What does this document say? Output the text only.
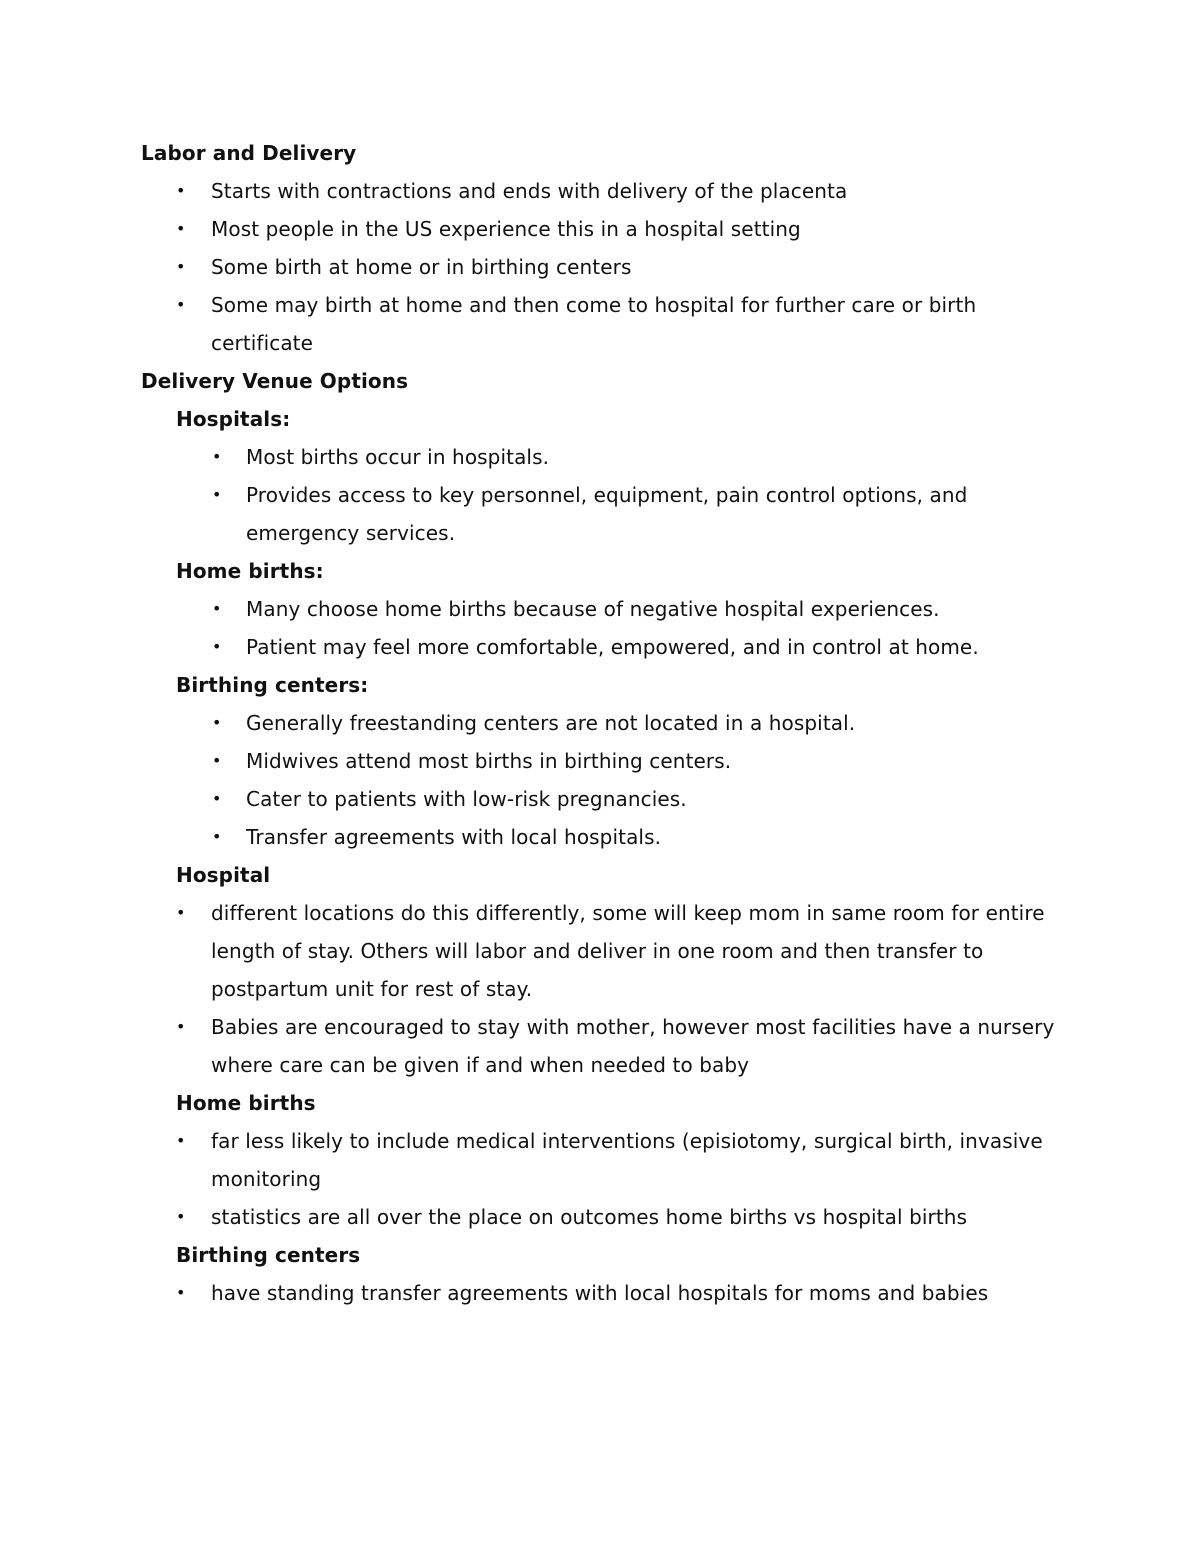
Labor and Delivery
• Starts with contractions and ends with delivery of the placenta
• Most people in the US experience this in a hospital setting
• Some birth at home or in birthing centers
• Some may birth at home and then come to hospital for further care or birth certificate
Delivery Venue Options
Hospitals:
• Most births occur in hospitals.
• Provides access to key personnel, equipment, pain control options, and emergency services.
Home births:
• Many choose home births because of negative hospital experiences.
• Patient may feel more comfortable, empowered, and in control at home.
Birthing centers:
• Generally freestanding centers are not located in a hospital.
• Midwives attend most births in birthing centers.
• Cater to patients with low-risk pregnancies.
• Transfer agreements with local hospitals.
Hospital
• different locations do this differently, some will keep mom in same room for entire length of stay. Others will labor and deliver in one room and then transfer to postpartum unit for rest of stay.
• Babies are encouraged to stay with mother, however most facilities have a nursery where care can be given if and when needed to baby
Home births
• far less likely to include medical interventions (episiotomy, surgical birth, invasive monitoring
• statistics are all over the place on outcomes home births vs hospital births
Birthing centers
• have standing transfer agreements with local hospitals for moms and babies
